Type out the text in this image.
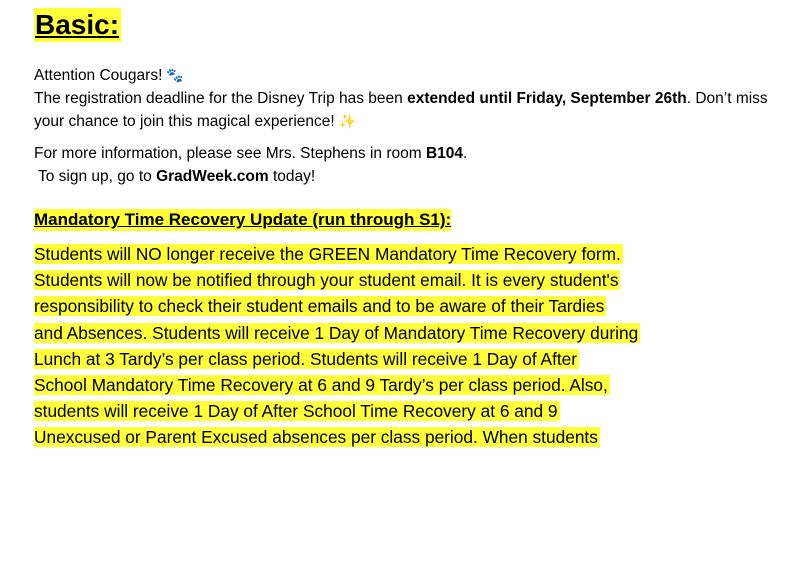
Basic:
Attention Cougars! 🐾
The registration deadline for the Disney Trip has been extended until Friday, September 26th. Don’t miss your chance to join this magical experience! ✨
For more information, please see Mrs. Stephens in room B104.
To sign up, go to GradWeek.com today!
Mandatory Time Recovery Update (run through S1):
Students will NO longer receive the GREEN Mandatory Time Recovery form.
Students will now be notified through your student email. It is every student's
responsibility to check their student emails and to be aware of their Tardies
and Absences. Students will receive 1 Day of Mandatory Time Recovery during
Lunch at 3 Tardy’s per class period. Students will receive 1 Day of After
School Mandatory Time Recovery at 6 and 9 Tardy’s per class period. Also,
students will receive 1 Day of After School Time Recovery at 6 and 9
Unexcused or Parent Excused absences per class period. When students
